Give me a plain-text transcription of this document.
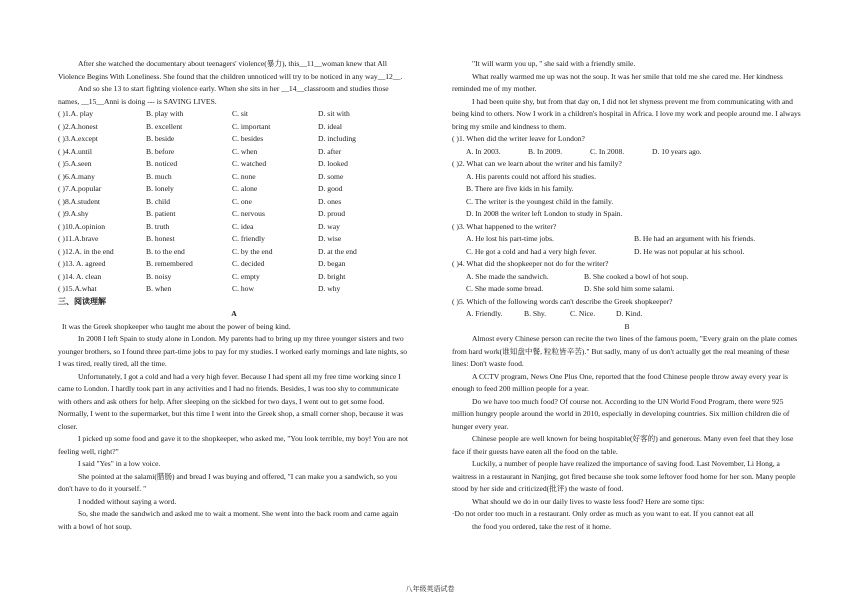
After she watched the documentary about teenagers' violence(暴力), this__11__woman knew that All Violence Begins With Loneliness. She found that the children unnoticed will try to be noticed in any way__12__.

And so she 13 to start fighting violence early. When she sits in her __14__classroom and studies those names, __15__Anni is doing --- is SAVING LIVES.

( )1.A. play	B. play with	C. sit	D. sit with
( )2.A.honest	B. excellent	C. important	D. ideal
( )3.A.except	B. beside	C. besides	D. including
( )4.A.until	B. before	C. when	D. after
( )5.A.seen	B. noticed	C. watched	D. looked
( )6.A.many	B. much	C. none	D. some
( )7.A.popular	B. lonely	C. alone	D. good
( )8.A.student	B. child	C. one	D. ones
( )9.A.shy	B. patient	C. nervous	D. proud
( )10.A.opinion	B. truth	C. idea	D. way
( )11.A.brave	B. honest	C. friendly	D. wise
( )12.A. in the end	B. to the end	C. by the end	D. at the end
( )13. A. agreed	B. remembered	C. decided	D. began
( )14. A. clean	B. noisy	C. empty	D. bright
( )15.A.what	B. when	C. how	D. why

三、阅读理解

A

It was the Greek shopkeeper who taught me about the power of being kind.

In 2008 I left Spain to study alone in London. My parents had to bring up my three younger sisters and two younger brothers, so I found three part-time jobs to pay for my studies. I worked early mornings and late nights, so I was tired, really tired, all the time.

Unfortunately, I got a cold and had a very high fever. Because I had spent all my free time working since I came to London. I hardly took part in any activities and I had no friends. Besides, I was too shy to communicate with others and ask others for help. After sleeping on the sickbed for two days, I went out to get some food. Normally, I went to the supermarket, but this time I went into the Greek shop, a small corner shop, because it was closer.

I picked up some food and gave it to the shopkeeper, who asked me, "You look terrible, my boy! You are not feeling well, right?"

I said "Yes" in a low voice.

She pointed at the salami(腊肠) and bread I was buying and offered, "I can make you a sandwich, so you don't have to do it yourself. "

I nodded without saying a word.

So, she made the sandwich and asked me to wait a moment. She went into the back room and came again with a bowl of hot soup.

"It will warm you up, " she said with a friendly smile.

What really warmed me up was not the soup. It was her smile that told me she cared me. Her kindness reminded me of my mother.

I had been quite shy, but from that day on, I did not let shyness prevent me from communicating with and being kind to others. Now I work in a children's hospital in Africa. I love my work and people around me. I always bring my smile and kindness to them.

( )1. When did the writer leave for London?

A. In 2003.	B. In 2009.	C. In 2008.	D. 10 years ago.

( )2. What can we learn about the writer and his family?

A. His parents could not afford his studies.

B. There are five kids in his family.

C. The writer is the youngest child in the family.

D. In 2008 the writer left London to study in Spain.

( )3. What happened to the writer?

A. He lost his part-time jobs.	B. He had an argument with his friends.
C. He got a cold and had a very high fever.	D. He was not popular at his school.

( )4. What did the shopkeeper not do for the writer?

A. She made the sandwich.	B. She cooked a bowl of hot soup.
C. She made some bread.	D. She sold him some salami.

( )5. Which of the following words can't describe the Greek shopkeeper?

A. Friendly.	B. Shy.	C. Nice.	D. Kind.

B

Almost every Chinese person can recite the two lines of the famous poem, "Every grain on the plate comes from hard work(谁知盘中餐, 粒粒皆辛苦)." But sadly, many of us don't actually get the real meaning of these lines: Don't waste food.

A CCTV program, News One Plus One, reported that the food Chinese people throw away every year is enough to feed 200 million people for a year.

Do we have too much food? Of course not. According to the UN World Food Program, there were 925 million hungry people around the world in 2010, especially in developing countries. Six million children die of hunger every year.

Chinese people are well known for being hospitable(好客的) and generous. Many even feel that they lose face if their guests have eaten all the food on the table.

Luckily, a number of people have realized the importance of saving food. Last November, Li Hong, a waitress in a restaurant in Nanjing, got fired because she took some leftover food home for her son. Many people stood by her side and criticized(批评) the waste of food.

What should we do in our daily lives to waste less food? Here are some tips:

·Do not order too much in a restaurant. Only order as much as you want to eat. If you cannot eat all

the food you ordered, take the rest of it home.

八年级英语试卷
